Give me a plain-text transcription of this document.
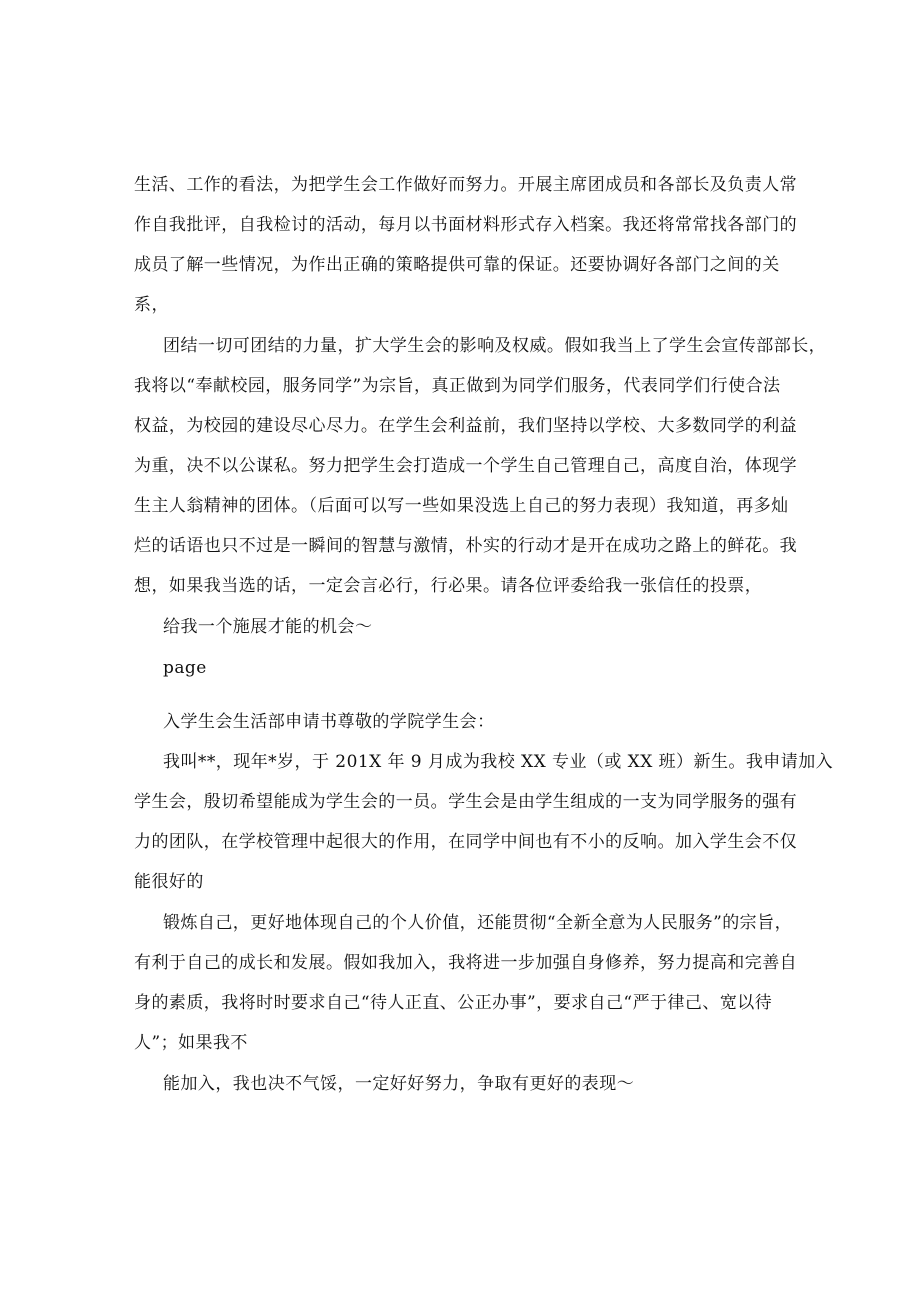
生活、工作的看法，为把学生会工作做好而努力。开展主席团成员和各部长及负责人常
作自我批评，自我检讨的活动，每月以书面材料形式存入档案。我还将常常找各部门的
成员了解一些情况，为作出正确的策略提供可靠的保证。还要协调好各部门之间的关
系，
团结一切可团结的力量，扩大学生会的影响及权威。假如我当上了学生会宣传部部长，
我将以“奉献校园，服务同学”为宗旨，真正做到为同学们服务，代表同学们行使合法
权益，为校园的建设尽心尽力。在学生会利益前，我们坚持以学校、大多数同学的利益
为重，决不以公谋私。努力把学生会打造成一个学生自己管理自己，高度自治，体现学
生主人翁精神的团体。（后面可以写一些如果没选上自己的努力表现）我知道，再多灿
烂的话语也只不过是一瞬间的智慧与激情，朴实的行动才是开在成功之路上的鲜花。我
想，如果我当选的话，一定会言必行，行必果。请各位评委给我一张信任的投票，
给我一个施展才能的机会～
page
入学生会生活部申请书尊敬的学院学生会：
我叫**，现年*岁，于 201X 年 9 月成为我校 XX 专业（或 XX 班）新生。我申请加入
学生会，殷切希望能成为学生会的一员。学生会是由学生组成的一支为同学服务的强有
力的团队，在学校管理中起很大的作用，在同学中间也有不小的反响。加入学生会不仅
能很好的
锻炼自己，更好地体现自己的个人价值，还能贯彻“全新全意为人民服务”的宗旨，
有利于自己的成长和发展。假如我加入，我将进一步加强自身修养，努力提高和完善自
身的素质，我将时时要求自己“待人正直、公正办事”，要求自己“严于律己、宽以待
人”；如果我不
能加入，我也决不气馁，一定好好努力，争取有更好的表现～
